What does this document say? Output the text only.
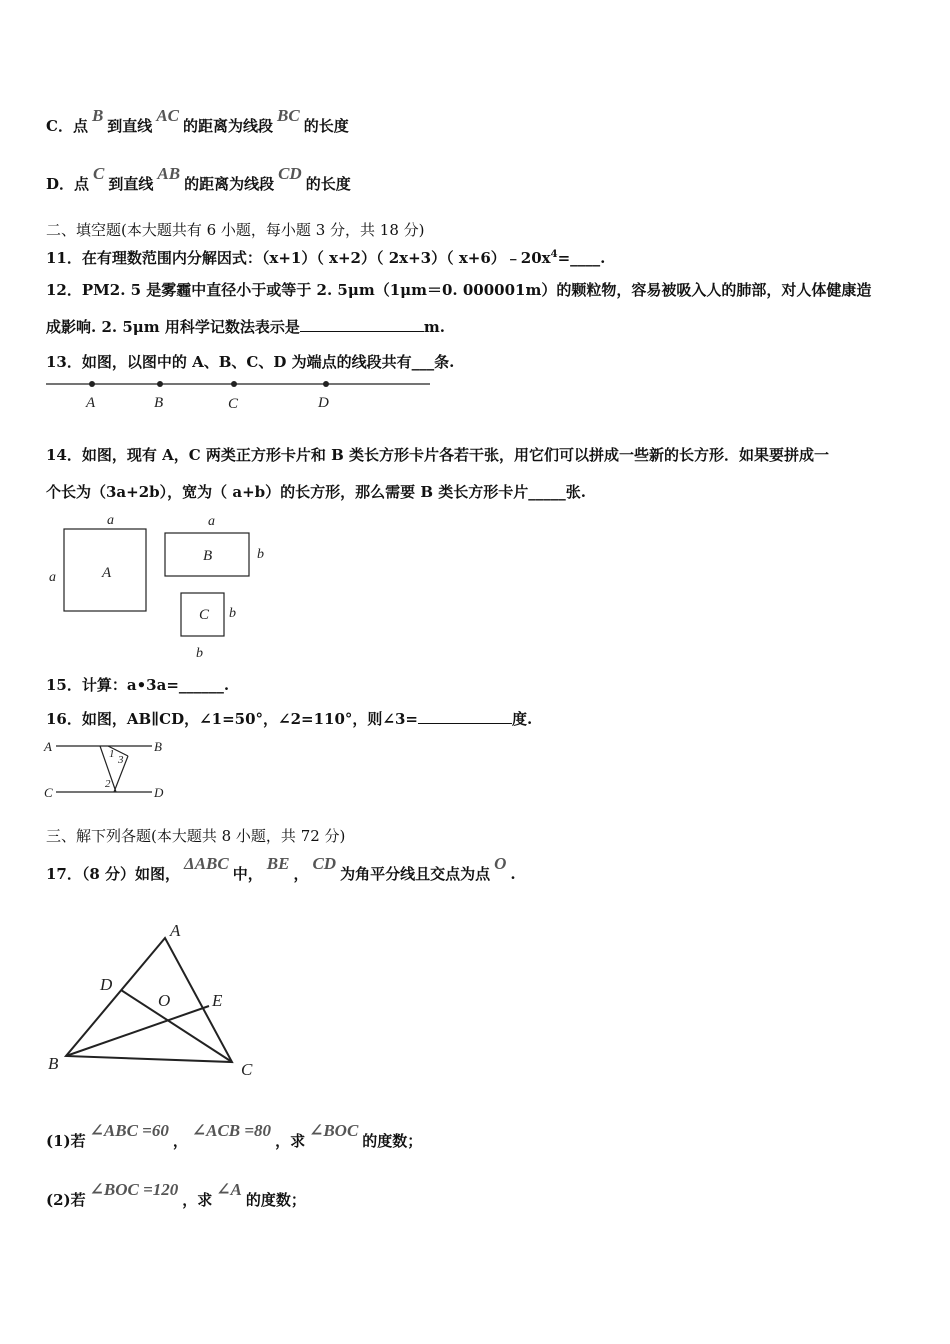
C．点B到直线AC的距离为线段BC的长度
D．点C到直线AB的距离为线段CD的长度
二、填空题(本大题共有 6 小题，每小题 3 分，共 18 分)
11．在有理数范围内分解因式：（x+1）（ x+2）（ 2x+3）（ $x+6)﹣20x^4=\_\_\_\_$.
12．PM2. 5 是雾霾中直径小于或等于 2. 5μm（1μm＝0. 000001m）的颗粒物，容易被吸入人的肺部，对人体健康造
成影响. 2. 5μm 用科学记数法表示是	m.
13．如图，以图中的 A、B、C、D 为端点的线段共有___条.
A	B	C	D
14．如图，现有 A，C 两类正方形卡片和 B 类长方形卡片各若干张，用它们可以拼成一些新的长方形．如果要拼成一
个长为（3a+2b），宽为（ a+b）的长方形，那么需要 B 类长方形卡片_____张.
a
a	A
a
b
B
b
b
C
15．计算：a•3a=______.
16．如图，AB∥CD，∠1=50°，∠2=110°，则∠3=	度.
A	B
C	D
1 3
2
三、解下列各题(本大题共 8 小题，共 72 分)
17．（8 分）如图，ΔABC中，BE，CD为角平分线且交点为点O.
A
B	C
D
E
O
(1)若∠ABC =60，∠ACB =80，求∠BOC的度数；
(2)若∠BOC =120，求∠A的度数；
